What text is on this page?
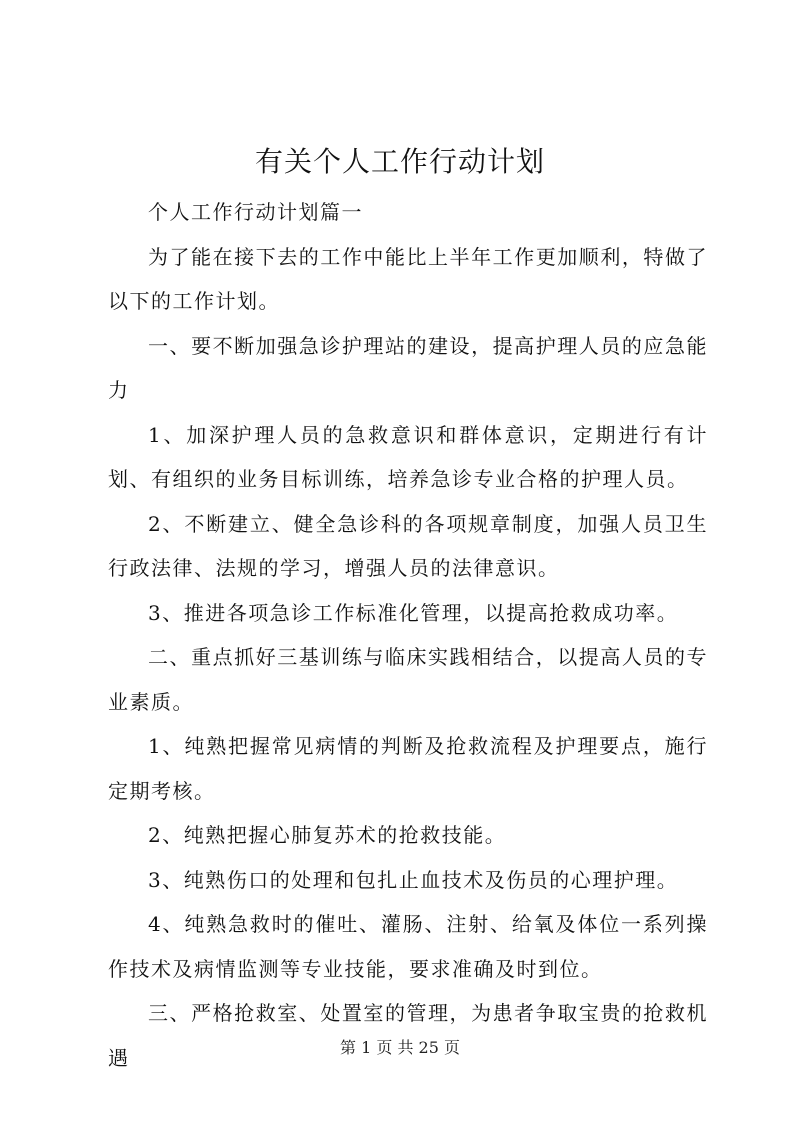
有关个人工作行动计划

个人工作行动计划篇一

为了能在接下去的工作中能比上半年工作更加顺利，特做了以下的工作计划。

一、要不断加强急诊护理站的建设，提高护理人员的应急能力

1、加深护理人员的急救意识和群体意识，定期进行有计划、有组织的业务目标训练，培养急诊专业合格的护理人员。

2、不断建立、健全急诊科的各项规章制度，加强人员卫生行政法律、法规的学习，增强人员的法律意识。

3、推进各项急诊工作标准化管理，以提高抢救成功率。

二、重点抓好三基训练与临床实践相结合，以提高人员的专业素质。

1、纯熟把握常见病情的判断及抢救流程及护理要点，施行定期考核。

2、纯熟把握心肺复苏术的抢救技能。

3、纯熟伤口的处理和包扎止血技术及伤员的心理护理。

4、纯熟急救时的催吐、灌肠、注射、给氧及体位一系列操作技术及病情监测等专业技能，要求准确及时到位。

三、严格抢救室、处置室的管理，为患者争取宝贵的抢救机遇	第 1 页 共 25 页
